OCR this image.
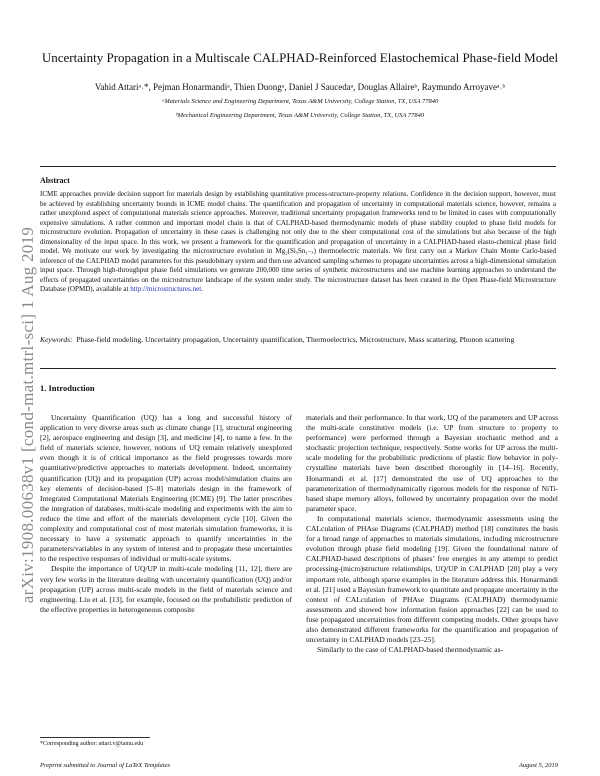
arXiv:1908.00638v1 [cond-mat.mtrl-sci] 1 Aug 2019
Uncertainty Propagation in a Multiscale CALPHAD-Reinforced Elastochemical Phase-field Model
Vahid Attariᵃ˒*, Pejman Honarmandiᵃ, Thien Duongᵃ, Daniel J Saucedaᵃ, Douglas Allaireᵇ, Raymundo Arroyaveᵃ˒ᵇ
ᵃMaterials Science and Engineering Department, Texas A&M University, College Station, TX, USA 77840
ᵇMechanical Engineering Department, Texas A&M University, College Station, TX, USA 77840
Abstract

ICME approaches provide decision support for materials design by establishing quantitative process-structure-property relations. Confidence in the decision support, however, must be achieved by establishing uncertainty bounds in ICME model chains. The quantification and propagation of uncertainty in computational materials science, however, remains a rather unexplored aspect of computational materials science approaches. Moreover, traditional uncertainty propagation frameworks tend to be limited in cases with computationally expensive simulations. A rather common and important model chain is that of CALPHAD-based thermodynamic models of phase stability coupled to phase field models for microstructure evolution. Propagation of uncertainty in these cases is challenging not only due to the sheer computational cost of the simulations but also because of the high dimensionality of the input space. In this work, we present a framework for the quantification and propagation of uncertainty in a CALPHAD-based elasto-chemical phase field model. We motivate our work by investigating the microstructure evolution in Mg₂(SiₓSn₁₋ₓ) thermoelectric materials. We first carry out a Markov Chain Monte Carlo-based inference of the CALPHAD model parameters for this pseudobinary system and then use advanced sampling schemes to propagate uncertainties across a high-dimensional simulation input space. Through high-throughput phase field simulations we generate 200,000 time series of synthetic microstructures and use machine learning approaches to understand the effects of propagated uncertainties on the microstructure landscape of the system under study. The microstructure dataset has been curated in the Open Phase-field Microstructure Database (OPMD), available at http://microstructures.net.

Keywords: Phase-field modeling, Uncertainty propagation, Uncertainty quantification, Thermoelectrics, Microstructure, Mass scattering, Phonon scattering

1. Introduction

Uncertainty Quantification (UQ) has a long and successful history of application to very diverse areas such as climate change [1], structural engineering [2], aerospace engineering and design [3], and medicine [4], to name a few. In the field of materials science, however, notions of UQ remain relatively unexplored even though it is of critical importance as the field progresses towards more quantitative/predictive approaches to materials development. Indeed, uncertainty quantification (UQ) and its propagation (UP) across model/simulation chains are key elements of decision-based [5–8] materials design in the framework of Integrated Computational Materials Engineering (ICME) [9]. The latter prescribes the integration of databases, multi-scale modeling and experiments with the aim to reduce the time and effort of the materials development cycle [10]. Given the complexity and computational cost of most materials simulation frameworks, it is necessary to have a systematic approach to quantify uncertainties in the parameters/variables in any system of interest and to propagate these uncertainties to the respective responses of individual or multi-scale systems.

Despite the importance of UQ/UP in multi-scale modeling [11, 12], there are very few works in the literature dealing with uncertainty quantification (UQ) and/or propagation (UP) across multi-scale models in the field of materials science and engineering. Liu et al. [13], for example, focused on the probabilistic prediction of the effective properties in heterogeneous composite

materials and their performance. In that work, UQ of the parameters and UP across the multi-scale constitutive models (i.e. UP from structure to property to performance) were performed through a Bayesian stochastic method and a stochastic projection technique, respectively. Some works for UP across the multi-scale modeling for the probabilistic predictions of plastic flow behavior in poly-crystalline materials have been described thoroughly in [14–16]. Recently, Honarmandi et al. [17] demonstrated the use of UQ approaches to the parameterization of thermodynamically rigorous models for the response of NiTi-based shape memory alloys, followed by uncertainty propagation over the model parameter space.

In computational materials science, thermodynamic assessments using the CALculation of PHAse Diagrams (CALPHAD) method [18] constitutes the basis for a broad range of approaches to materials simulations, including microstructure evolution through phase field modeling [19]. Given the foundational nature of CALPHAD-based descriptions of phases’ free energies in any attempt to predict processing-(micro)structure relationships, UQ/UP in CALPHAD [20] play a very important role, although sparse examples in the literature address this. Honarmandi et al. [21] used a Bayesian framework to quantitate and propagate uncertainty in the context of CALculation of PHAse Diagrams (CALPHAD) thermodynamic assessments and showed how information fusion approaches [22] can be used to fuse propagated uncertainties from different competing models. Other groups have also demonstrated different frameworks for the quantification and propagation of uncertainty in CALPHAD models [23–25].

Similarly to the case of CALPHAD-based thermodynamic as-

*Corresponding author: attari.v@tamu.edu
Preprint submitted to Journal of LaTeX Templates	August 5, 2019
